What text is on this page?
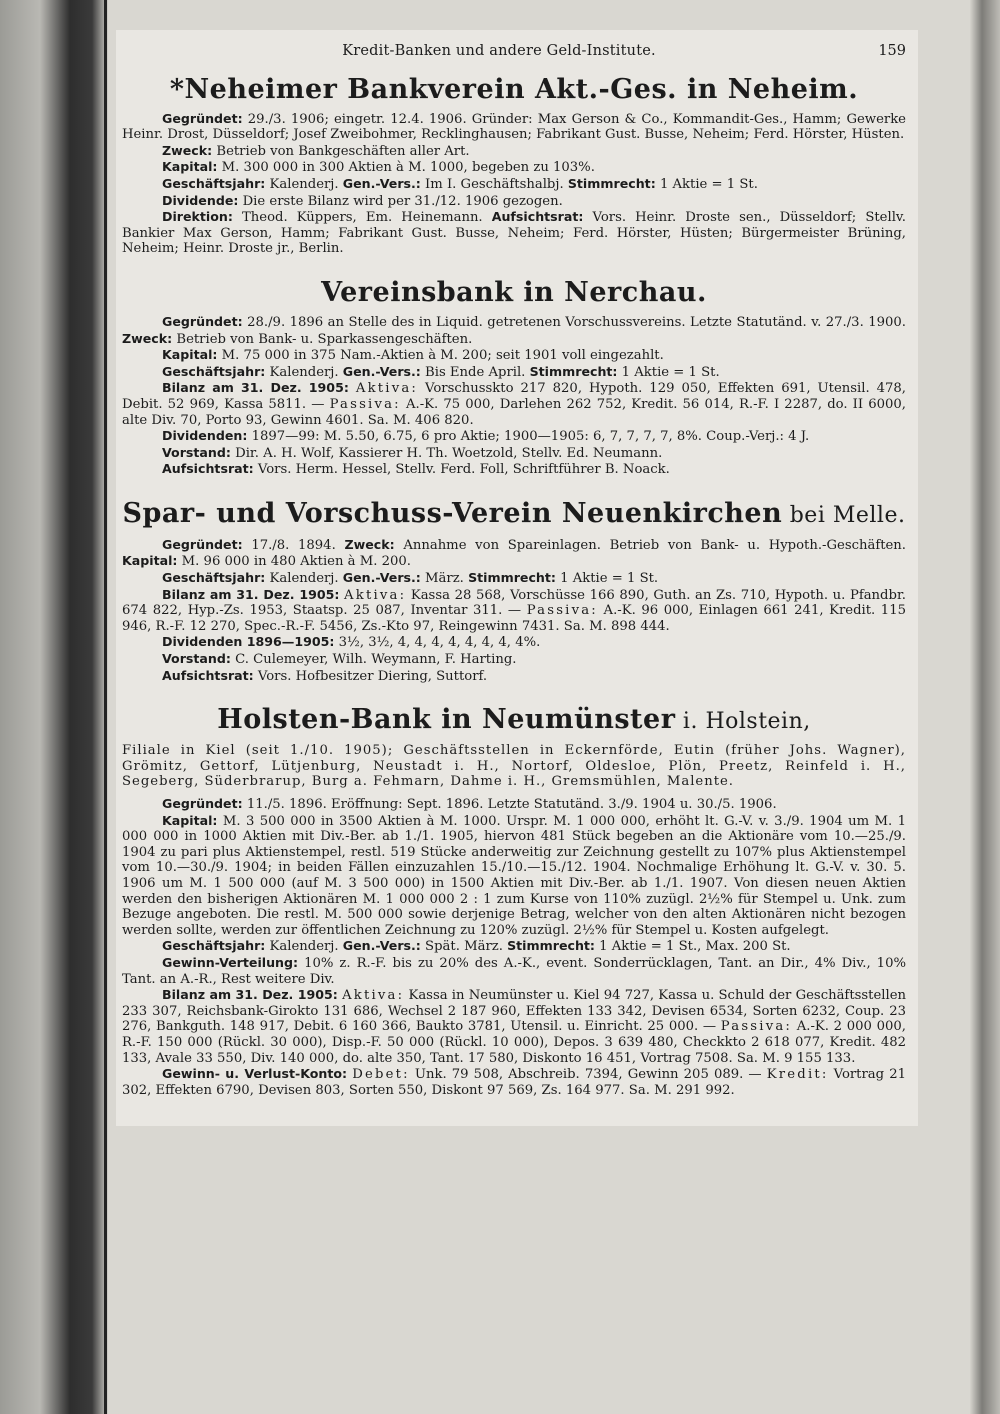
Kredit-Banken und andere Geld-Institute.	159
*Neheimer Bankverein Akt.-Ges. in Neheim.

Gegründet: 29./3. 1906; eingetr. 12.4. 1906. Gründer: Max Gerson & Co., Kommandit-Ges., Hamm; Gewerke Heinr. Drost, Düsseldorf; Josef Zweibohmer, Recklinghausen; Fabrikant Gust. Busse, Neheim; Ferd. Hörster, Hüsten.

Zweck: Betrieb von Bankgeschäften aller Art.

Kapital: M. 300 000 in 300 Aktien à M. 1000, begeben zu 103%.

Geschäftsjahr: Kalenderj. Gen.-Vers.: Im I. Geschäftshalbj. Stimmrecht: 1 Aktie = 1 St.

Dividende: Die erste Bilanz wird per 31./12. 1906 gezogen.

Direktion: Theod. Küppers, Em. Heinemann. Aufsichtsrat: Vors. Heinr. Droste sen., Düsseldorf; Stellv. Bankier Max Gerson, Hamm; Fabrikant Gust. Busse, Neheim; Ferd. Hörster, Hüsten; Bürgermeister Brüning, Neheim; Heinr. Droste jr., Berlin.

Vereinsbank in Nerchau.

Gegründet: 28./9. 1896 an Stelle des in Liquid. getretenen Vorschussvereins. Letzte Statutänd. v. 27./3. 1900. Zweck: Betrieb von Bank- u. Sparkassengeschäften.

Kapital: M. 75 000 in 375 Nam.-Aktien à M. 200; seit 1901 voll eingezahlt.

Geschäftsjahr: Kalenderj. Gen.-Vers.: Bis Ende April. Stimmrecht: 1 Aktie = 1 St.

Bilanz am 31. Dez. 1905: Aktiva: Vorschusskto 217 820, Hypoth. 129 050, Effekten 691, Utensil. 478, Debit. 52 969, Kassa 5811. — Passiva: A.-K. 75 000, Darlehen 262 752, Kredit. 56 014, R.-F. I 2287, do. II 6000, alte Div. 70, Porto 93, Gewinn 4601. Sa. M. 406 820.

Dividenden: 1897—99: M. 5.50, 6.75, 6 pro Aktie; 1900—1905: 6, 7, 7, 7, 7, 8%. Coup.-Verj.: 4 J.

Vorstand: Dir. A. H. Wolf, Kassierer H. Th. Woetzold, Stellv. Ed. Neumann.

Aufsichtsrat: Vors. Herm. Hessel, Stellv. Ferd. Foll, Schriftführer B. Noack.

Spar- und Vorschuss-Verein Neuenkirchen bei Melle.

Gegründet: 17./8. 1894. Zweck: Annahme von Spareinlagen. Betrieb von Bank- u. Hypoth.-Geschäften. Kapital: M. 96 000 in 480 Aktien à M. 200.

Geschäftsjahr: Kalenderj. Gen.-Vers.: März. Stimmrecht: 1 Aktie = 1 St.

Bilanz am 31. Dez. 1905: Aktiva: Kassa 28 568, Vorschüsse 166 890, Guth. an Zs. 710, Hypoth. u. Pfandbr. 674 822, Hyp.-Zs. 1953, Staatsp. 25 087, Inventar 311. — Passiva: A.-K. 96 000, Einlagen 661 241, Kredit. 115 946, R.-F. 12 270, Spec.-R.-F. 5456, Zs.-Kto 97, Reingewinn 7431. Sa. M. 898 444.

Dividenden 1896—1905: 3½, 3½, 4, 4, 4, 4, 4, 4, 4, 4%.

Vorstand: C. Culemeyer, Wilh. Weymann, F. Harting.

Aufsichtsrat: Vors. Hofbesitzer Diering, Suttorf.

Holsten-Bank in Neumünster i. Holstein,

Filiale in Kiel (seit 1./10. 1905); Geschäftsstellen in Eckernförde, Eutin (früher Johs. Wagner), Grömitz, Gettorf, Lütjenburg, Neustadt i. H., Nortorf, Oldesloe, Plön, Preetz, Reinfeld i. H., Segeberg, Süderbrarup, Burg a. Fehmarn, Dahme i. H., Gremsmühlen, Malente.

Gegründet: 11./5. 1896. Eröffnung: Sept. 1896. Letzte Statutänd. 3./9. 1904 u. 30./5. 1906.

Kapital: M. 3 500 000 in 3500 Aktien à M. 1000. Urspr. M. 1 000 000, erhöht lt. G.-V. v. 3./9. 1904 um M. 1 000 000 in 1000 Aktien mit Div.-Ber. ab 1./1. 1905, hiervon 481 Stück begeben an die Aktionäre vom 10.—25./9. 1904 zu pari plus Aktienstempel, restl. 519 Stücke anderweitig zur Zeichnung gestellt zu 107% plus Aktienstempel vom 10.—30./9. 1904; in beiden Fällen einzuzahlen 15./10.—15./12. 1904. Nochmalige Erhöhung lt. G.-V. v. 30. 5. 1906 um M. 1 500 000 (auf M. 3 500 000) in 1500 Aktien mit Div.-Ber. ab 1./1. 1907. Von diesen neuen Aktien werden den bisherigen Aktionären M. 1 000 000 2 : 1 zum Kurse von 110% zuzügl. 2½% für Stempel u. Unk. zum Bezuge angeboten. Die restl. M. 500 000 sowie derjenige Betrag, welcher von den alten Aktionären nicht bezogen werden sollte, werden zur öffentlichen Zeichnung zu 120% zuzügl. 2½% für Stempel u. Kosten aufgelegt.

Geschäftsjahr: Kalenderj. Gen.-Vers.: Spät. März. Stimmrecht: 1 Aktie = 1 St., Max. 200 St.

Gewinn-Verteilung: 10% z. R.-F. bis zu 20% des A.-K., event. Sonderrücklagen, Tant. an Dir., 4% Div., 10% Tant. an A.-R., Rest weitere Div.

Bilanz am 31. Dez. 1905: Aktiva: Kassa in Neumünster u. Kiel 94 727, Kassa u. Schuld der Geschäftsstellen 233 307, Reichsbank-Girokto 131 686, Wechsel 2 187 960, Effekten 133 342, Devisen 6534, Sorten 6232, Coup. 23 276, Bankguth. 148 917, Debit. 6 160 366, Baukto 3781, Utensil. u. Einricht. 25 000. — Passiva: A.-K. 2 000 000, R.-F. 150 000 (Rückl. 30 000), Disp.-F. 50 000 (Rückl. 10 000), Depos. 3 639 480, Checkkto 2 618 077, Kredit. 482 133, Avale 33 550, Div. 140 000, do. alte 350, Tant. 17 580, Diskonto 16 451, Vortrag 7508. Sa. M. 9 155 133.

Gewinn- u. Verlust-Konto: Debet: Unk. 79 508, Abschreib. 7394, Gewinn 205 089. — Kredit: Vortrag 21 302, Effekten 6790, Devisen 803, Sorten 550, Diskont 97 569, Zs. 164 977. Sa. M. 291 992.
